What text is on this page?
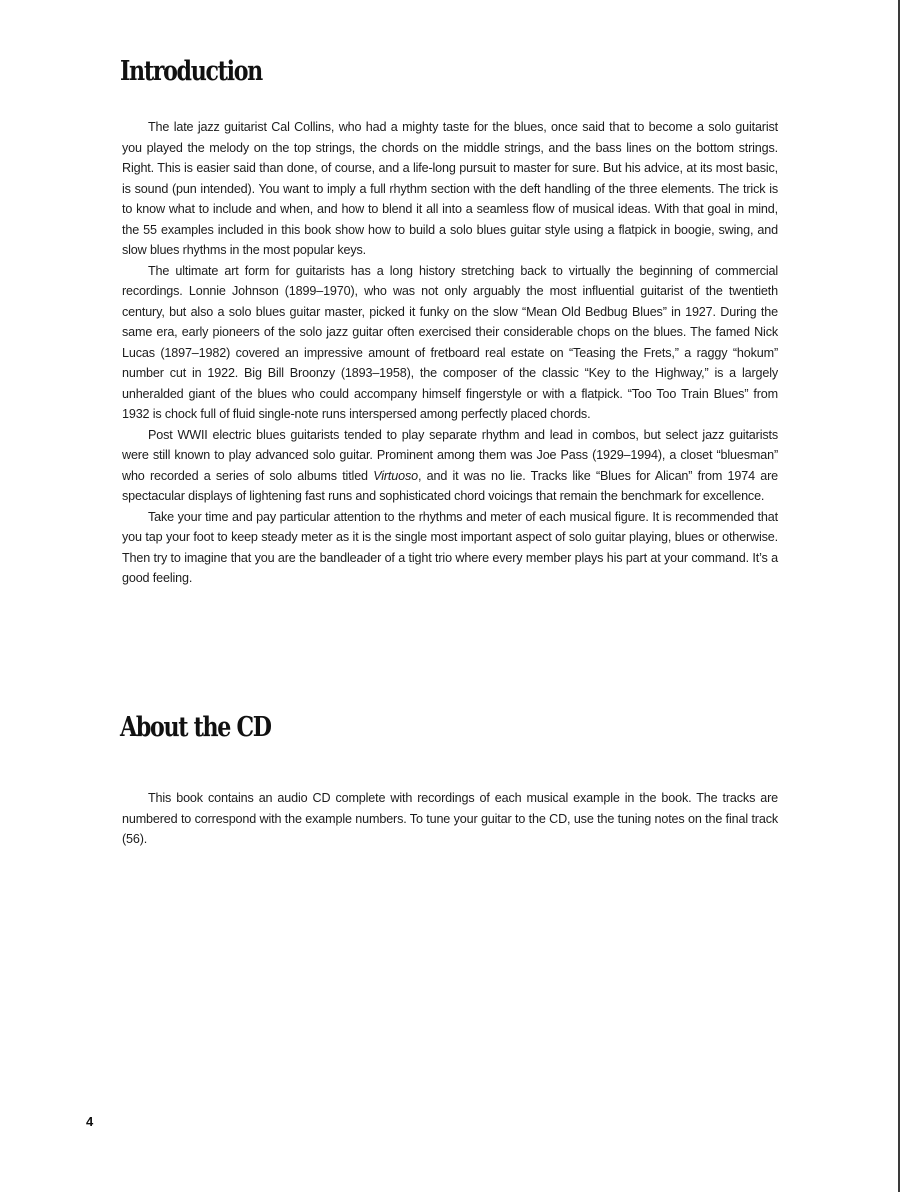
Introduction

The late jazz guitarist Cal Collins, who had a mighty taste for the blues, once said that to become a solo guitarist you played the melody on the top strings, the chords on the middle strings, and the bass lines on the bottom strings. Right. This is easier said than done, of course, and a life-long pursuit to master for sure. But his advice, at its most basic, is sound (pun intended). You want to imply a full rhythm section with the deft handling of the three elements. The trick is to know what to include and when, and how to blend it all into a seamless flow of musical ideas. With that goal in mind, the 55 examples included in this book show how to build a solo blues guitar style using a flatpick in boogie, swing, and slow blues rhythms in the most popular keys.

The ultimate art form for guitarists has a long history stretching back to virtually the beginning of commercial recordings. Lonnie Johnson (1899–1970), who was not only arguably the most influential guitarist of the twentieth century, but also a solo blues guitar master, picked it funky on the slow “Mean Old Bedbug Blues” in 1927. During the same era, early pioneers of the solo jazz guitar often exercised their considerable chops on the blues. The famed Nick Lucas (1897–1982) covered an impressive amount of fretboard real estate on “Teasing the Frets,” a raggy “hokum” number cut in 1922. Big Bill Broonzy (1893–1958), the composer of the classic “Key to the Highway,” is a largely unheralded giant of the blues who could accompany himself fingerstyle or with a flatpick. “Too Too Train Blues” from 1932 is chock full of fluid single-note runs interspersed among perfectly placed chords.

Post WWII electric blues guitarists tended to play separate rhythm and lead in combos, but select jazz guitarists were still known to play advanced solo guitar. Prominent among them was Joe Pass (1929–1994), a closet “bluesman” who recorded a series of solo albums titled Virtuoso, and it was no lie. Tracks like “Blues for Alican” from 1974 are spectacular displays of lightening fast runs and sophisticated chord voicings that remain the benchmark for excellence.

Take your time and pay particular attention to the rhythms and meter of each musical figure. It is recommended that you tap your foot to keep steady meter as it is the single most important aspect of solo guitar playing, blues or otherwise. Then try to imagine that you are the bandleader of a tight trio where every member plays his part at your command. It’s a good feeling.

About the CD

This book contains an audio CD complete with recordings of each musical example in the book. The tracks are numbered to correspond with the example numbers. To tune your guitar to the CD, use the tuning notes on the final track (56).

4
